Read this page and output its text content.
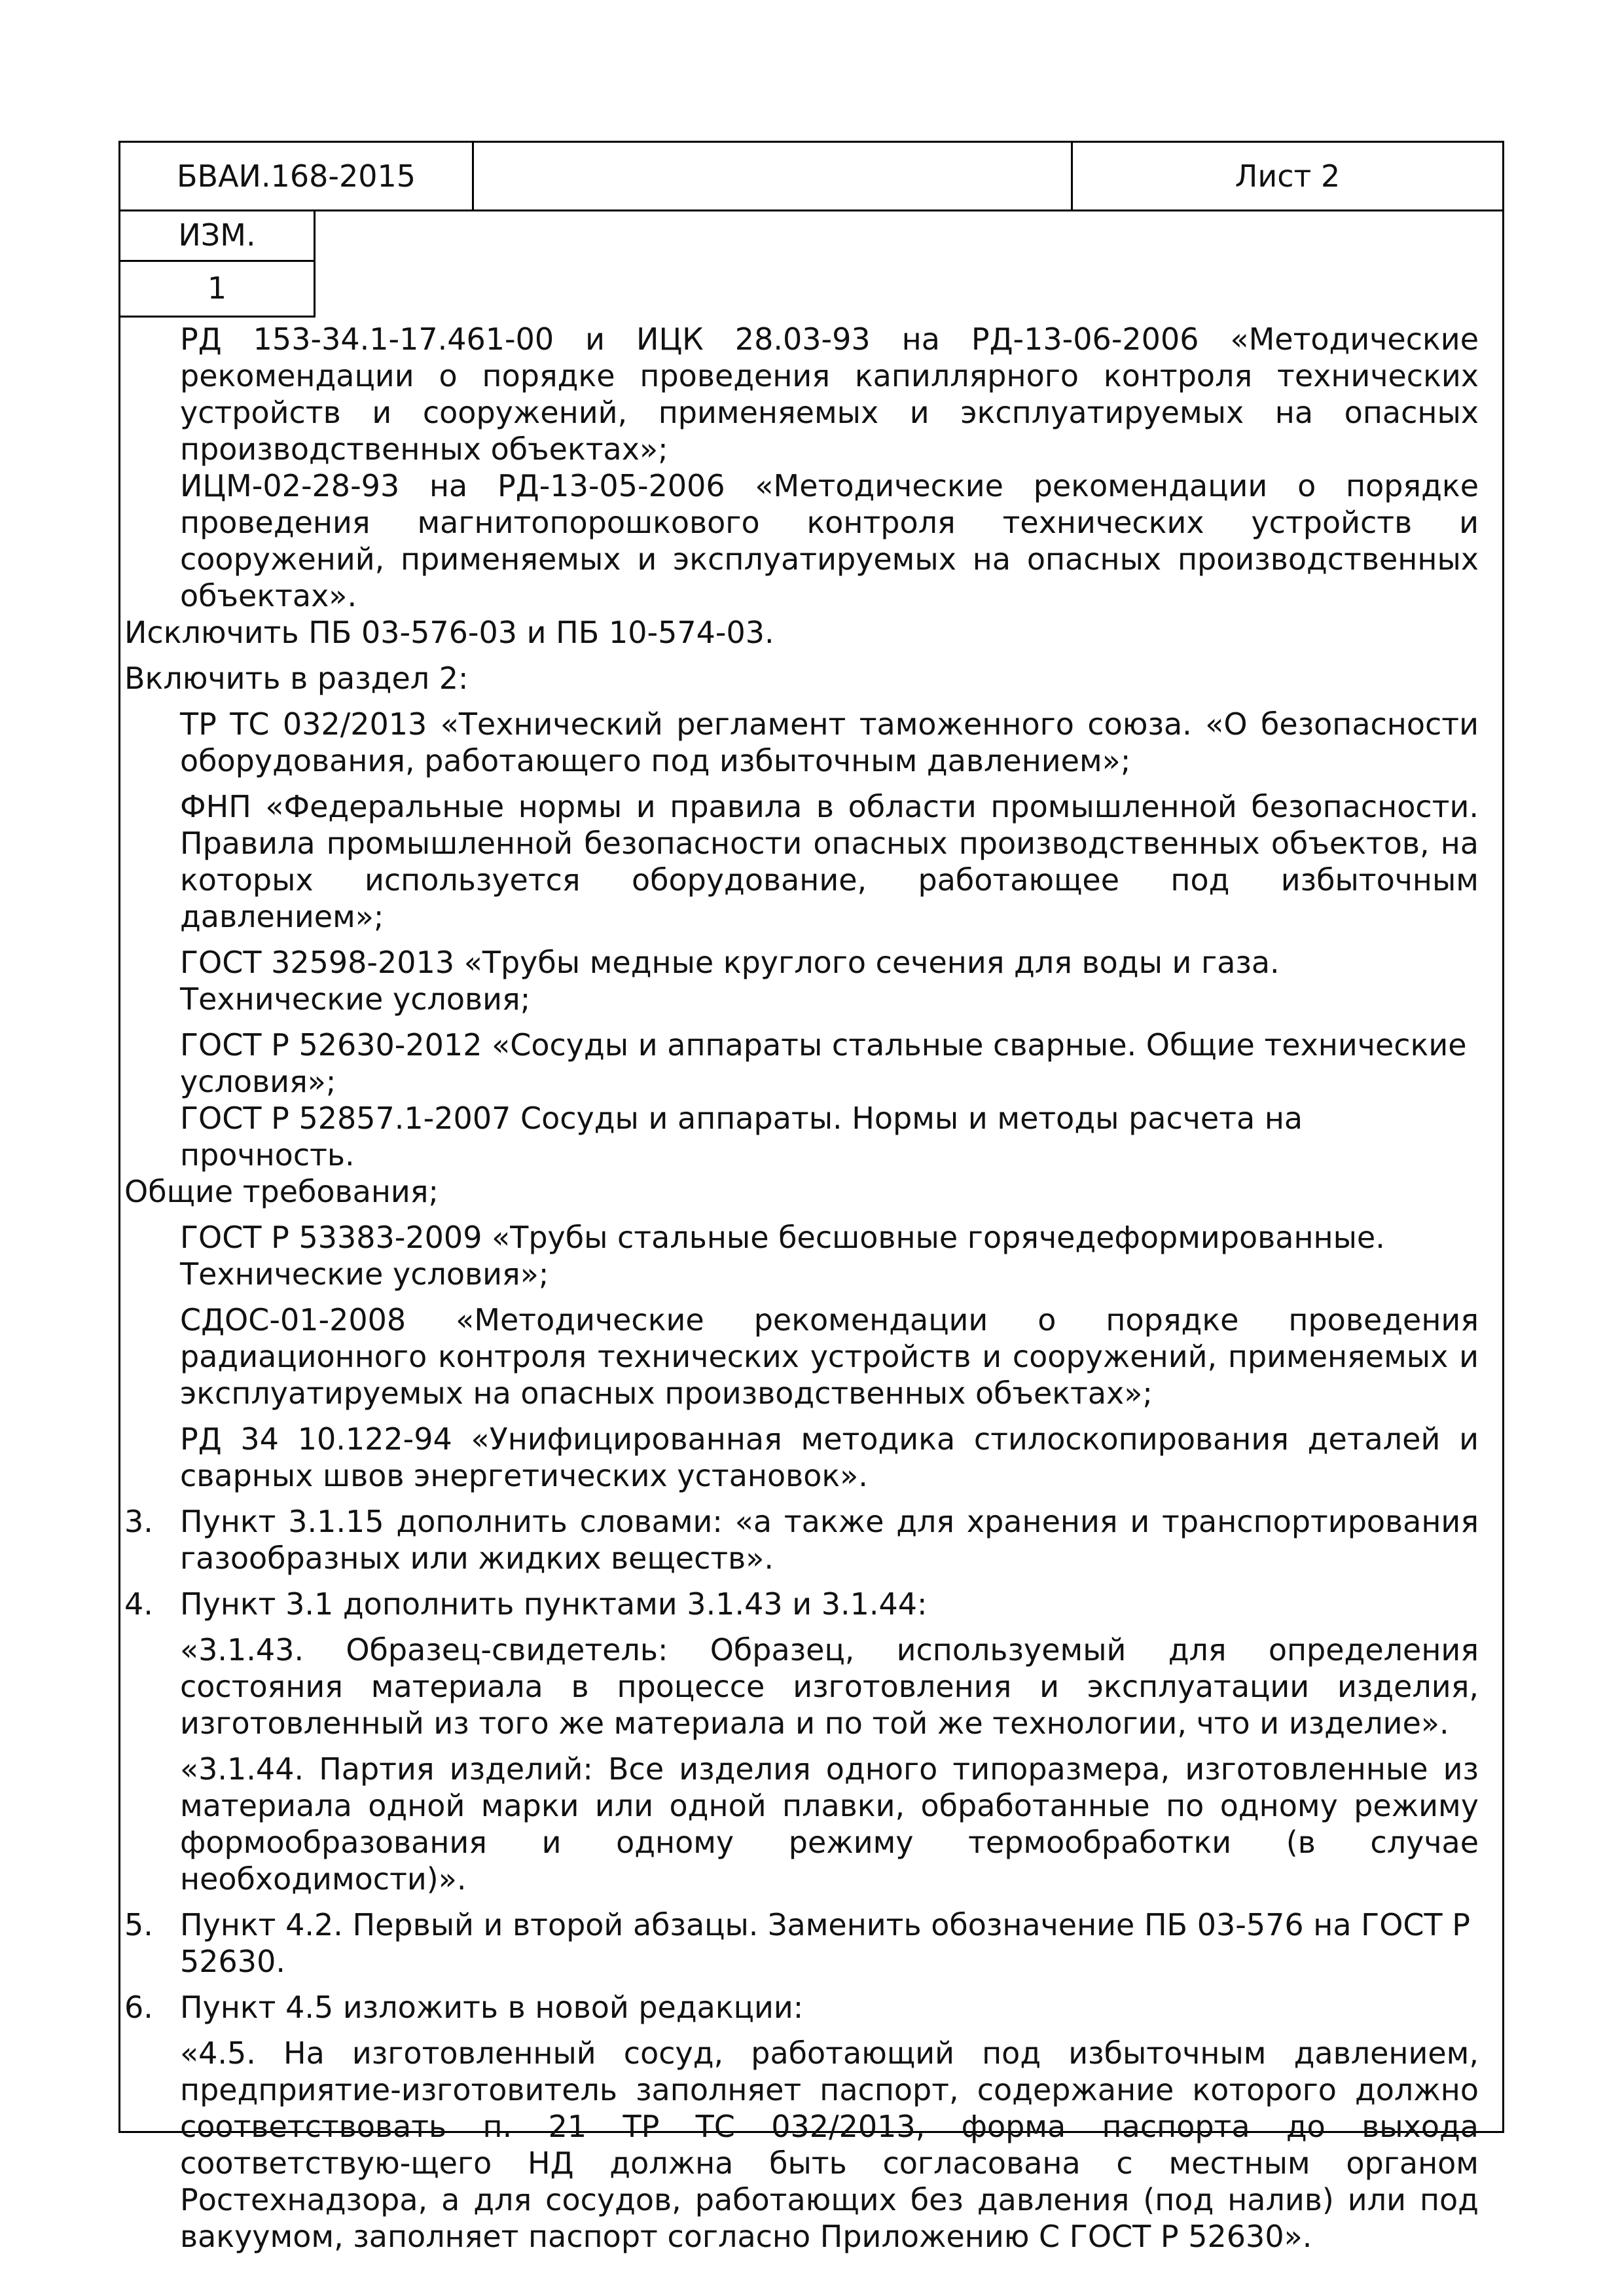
БВАИ.168-2015	Лист 2
ИЗМ.
1

РД 153-34.1-17.461-00 и ИЦК 28.03-93 на РД-13-06-2006 «Методические рекомендации о порядке проведения капиллярного контроля технических устройств и сооружений, применяемых и эксплуатируемых на опасных производственных объектах»;

ИЦМ-02-28-93 на РД-13-05-2006 «Методические рекомендации о порядке проведения магнитопорошкового контроля технических устройств и сооружений, применяемых и эксплуатируемых на опасных производственных объектах».

Исключить ПБ 03-576-03 и ПБ 10-574-03.

Включить в раздел 2:

ТР ТС 032/2013 «Технический регламент таможенного союза. «О безопасности оборудования, работающего под избыточным давлением»;

ФНП «Федеральные нормы и правила в области промышленной безопасности. Правила промышленной безопасности опасных производственных объектов, на которых используется оборудование, работающее под избыточным давлением»;

ГОСТ 32598-2013 «Трубы медные круглого сечения для воды и газа. Технические условия;

ГОСТ Р 52630-2012 «Сосуды и аппараты стальные сварные. Общие технические условия»;

ГОСТ Р 52857.1-2007 Сосуды и аппараты. Нормы и методы расчета на прочность.

Общие требования;

ГОСТ Р 53383-2009 «Трубы стальные бесшовные горячедеформированные. Технические условия»;

СДОС-01-2008 «Методические рекомендации о порядке проведения радиационного контроля технических устройств и сооружений, применяемых и эксплуатируемых на опасных производственных объектах»;

РД 34 10.122-94 «Унифицированная методика стилоскопирования деталей и сварных швов энергетических установок».

3. Пункт 3.1.15 дополнить словами: «а также для хранения и транспортирования газообразных или жидких веществ».
4. Пункт 3.1 дополнить пунктами 3.1.43 и 3.1.44:

«3.1.43. Образец-свидетель: Образец, используемый для определения состояния материала в процессе изготовления и эксплуатации изделия, изготовленный из того же материала и по той же технологии, что и изделие».

«3.1.44. Партия изделий: Все изделия одного типоразмера, изготовленные из материала одной марки или одной плавки, обработанные по одному режиму формообразования и одному режиму термообработки (в случае необходимости)».

5. Пункт 4.2. Первый и второй абзацы. Заменить обозначение ПБ 03-576 на ГОСТ Р 52630.
6. Пункт 4.5 изложить в новой редакции:

«4.5. На изготовленный сосуд, работающий под избыточным давлением, предприятие-изготовитель заполняет паспорт, содержание которого должно соответствовать п. 21 ТР ТС 032/2013, форма паспорта до выхода соответствую-щего НД должна быть согласована с местным органом Ростехнадзора, а для сосудов, работающих без давления (под налив) или под вакуумом, заполняет паспорт согласно Приложению С ГОСТ Р 52630».
